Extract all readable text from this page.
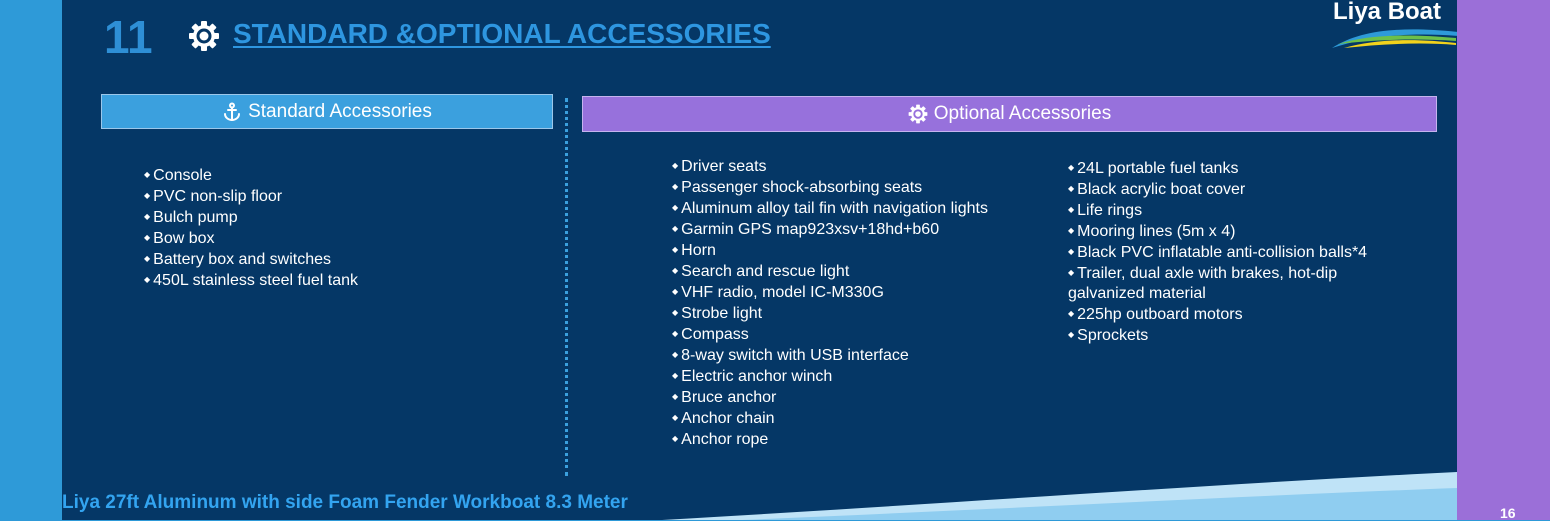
11	STANDARD &OPTIONAL ACCESSORIES
Liya Boat
Standard Accessories	Optional Accessories
◆ Console
◆ PVC non-slip floor
◆ Bulch pump
◆ Bow box
◆ Battery box and switches
◆ 450L stainless steel fuel tank
◆ Driver seats
◆ Passenger shock-absorbing seats
◆ Aluminum alloy tail fin with navigation lights
◆ Garmin GPS map923xsv+18hd+b60
◆ Horn
◆ Search and rescue light
◆ VHF radio, model IC-M330G
◆ Strobe light
◆ Compass
◆ 8-way switch with USB interface
◆ Electric anchor winch
◆ Bruce anchor
◆ Anchor chain
◆ Anchor rope
◆ 24L portable fuel tanks
◆ Black acrylic boat cover
◆ Life rings
◆ Mooring lines (5m x 4)
◆ Black PVC inflatable anti-collision balls*4
◆ Trailer, dual axle with brakes, hot-dip galvanized material
◆ 225hp outboard motors
◆ Sprockets
Liya 27ft Aluminum with side Foam Fender Workboat 8.3 Meter	16
